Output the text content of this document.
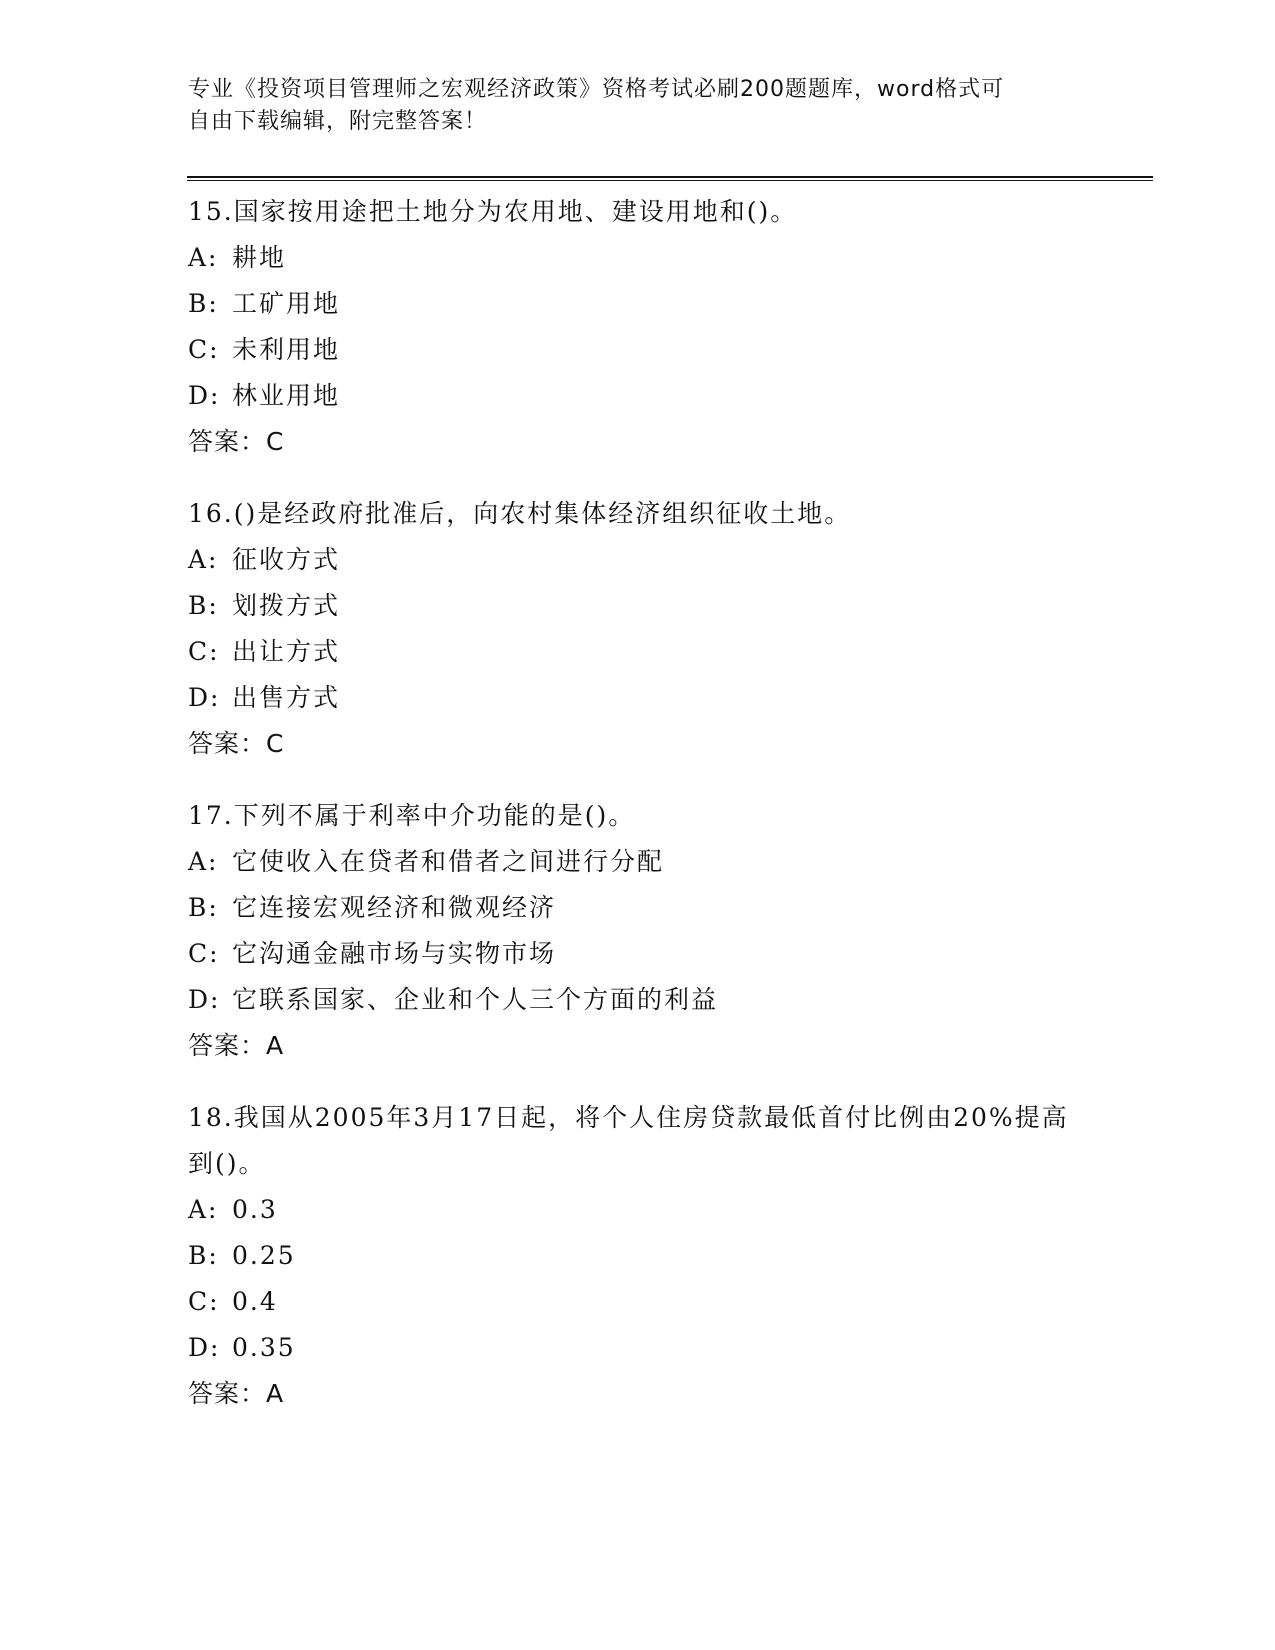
专业《投资项目管理师之宏观经济政策》资格考试必刷200题题库，word格式可
自由下载编辑，附完整答案！
15.国家按用途把土地分为农用地、建设用地和()。
A: 耕地
B: 工矿用地
C: 未利用地
D: 林业用地
答案：C
16.()是经政府批准后，向农村集体经济组织征收土地。
A: 征收方式
B: 划拨方式
C: 出让方式
D: 出售方式
答案：C
17.下列不属于利率中介功能的是()。
A: 它使收入在贷者和借者之间进行分配
B: 它连接宏观经济和微观经济
C: 它沟通金融市场与实物市场
D: 它联系国家、企业和个人三个方面的利益
答案：A
18.我国从2005年3月17日起，将个人住房贷款最低首付比例由20%提高到()。
A: 0.3
B: 0.25
C: 0.4
D: 0.35
答案：A
